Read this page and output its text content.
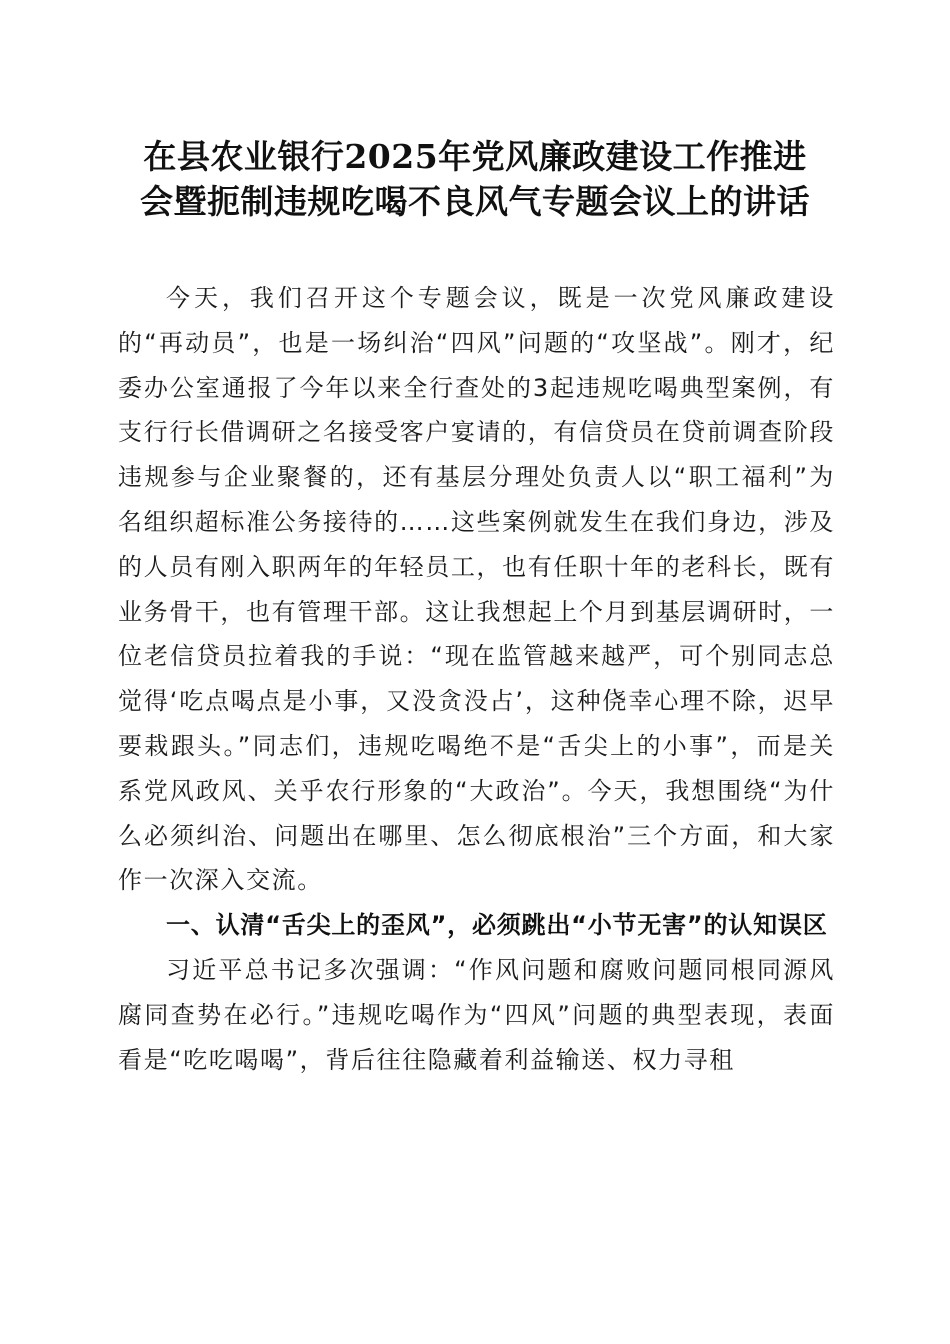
在县农业银行2025年党风廉政建设工作推进
会暨扼制违规吃喝不良风气专题会议上的讲话

今天，我们召开这个专题会议，既是一次党风廉政建设的“再动员”，也是一场纠治“四风”问题的“攻坚战”。刚才，纪委办公室通报了今年以来全行查处的3起违规吃喝典型案例，有支行行长借调研之名接受客户宴请的，有信贷员在贷前调查阶段违规参与企业聚餐的，还有基层分理处负责人以“职工福利”为名组织超标准公务接待的……这些案例就发生在我们身边，涉及的人员有刚入职两年的年轻员工，也有任职十年的老科长，既有业务骨干，也有管理干部。这让我想起上个月到基层调研时，一位老信贷员拉着我的手说：“现在监管越来越严，可个别同志总觉得‘吃点喝点是小事，又没贪没占’，这种侥幸心理不除，迟早要栽跟头。”同志们，违规吃喝绝不是“舌尖上的小事”，而是关系党风政风、关乎农行形象的“大政治”。今天，我想围绕“为什么必须纠治、问题出在哪里、怎么彻底根治”三个方面，和大家作一次深入交流。

一、认清“舌尖上的歪风”，必须跳出“小节无害”的认知误区

习近平总书记多次强调：“作风问题和腐败问题同根同源风腐同查势在必行。”违规吃喝作为“四风”问题的典型表现，表面看是“吃吃喝喝”，背后往往隐藏着利益输送、权力寻租
